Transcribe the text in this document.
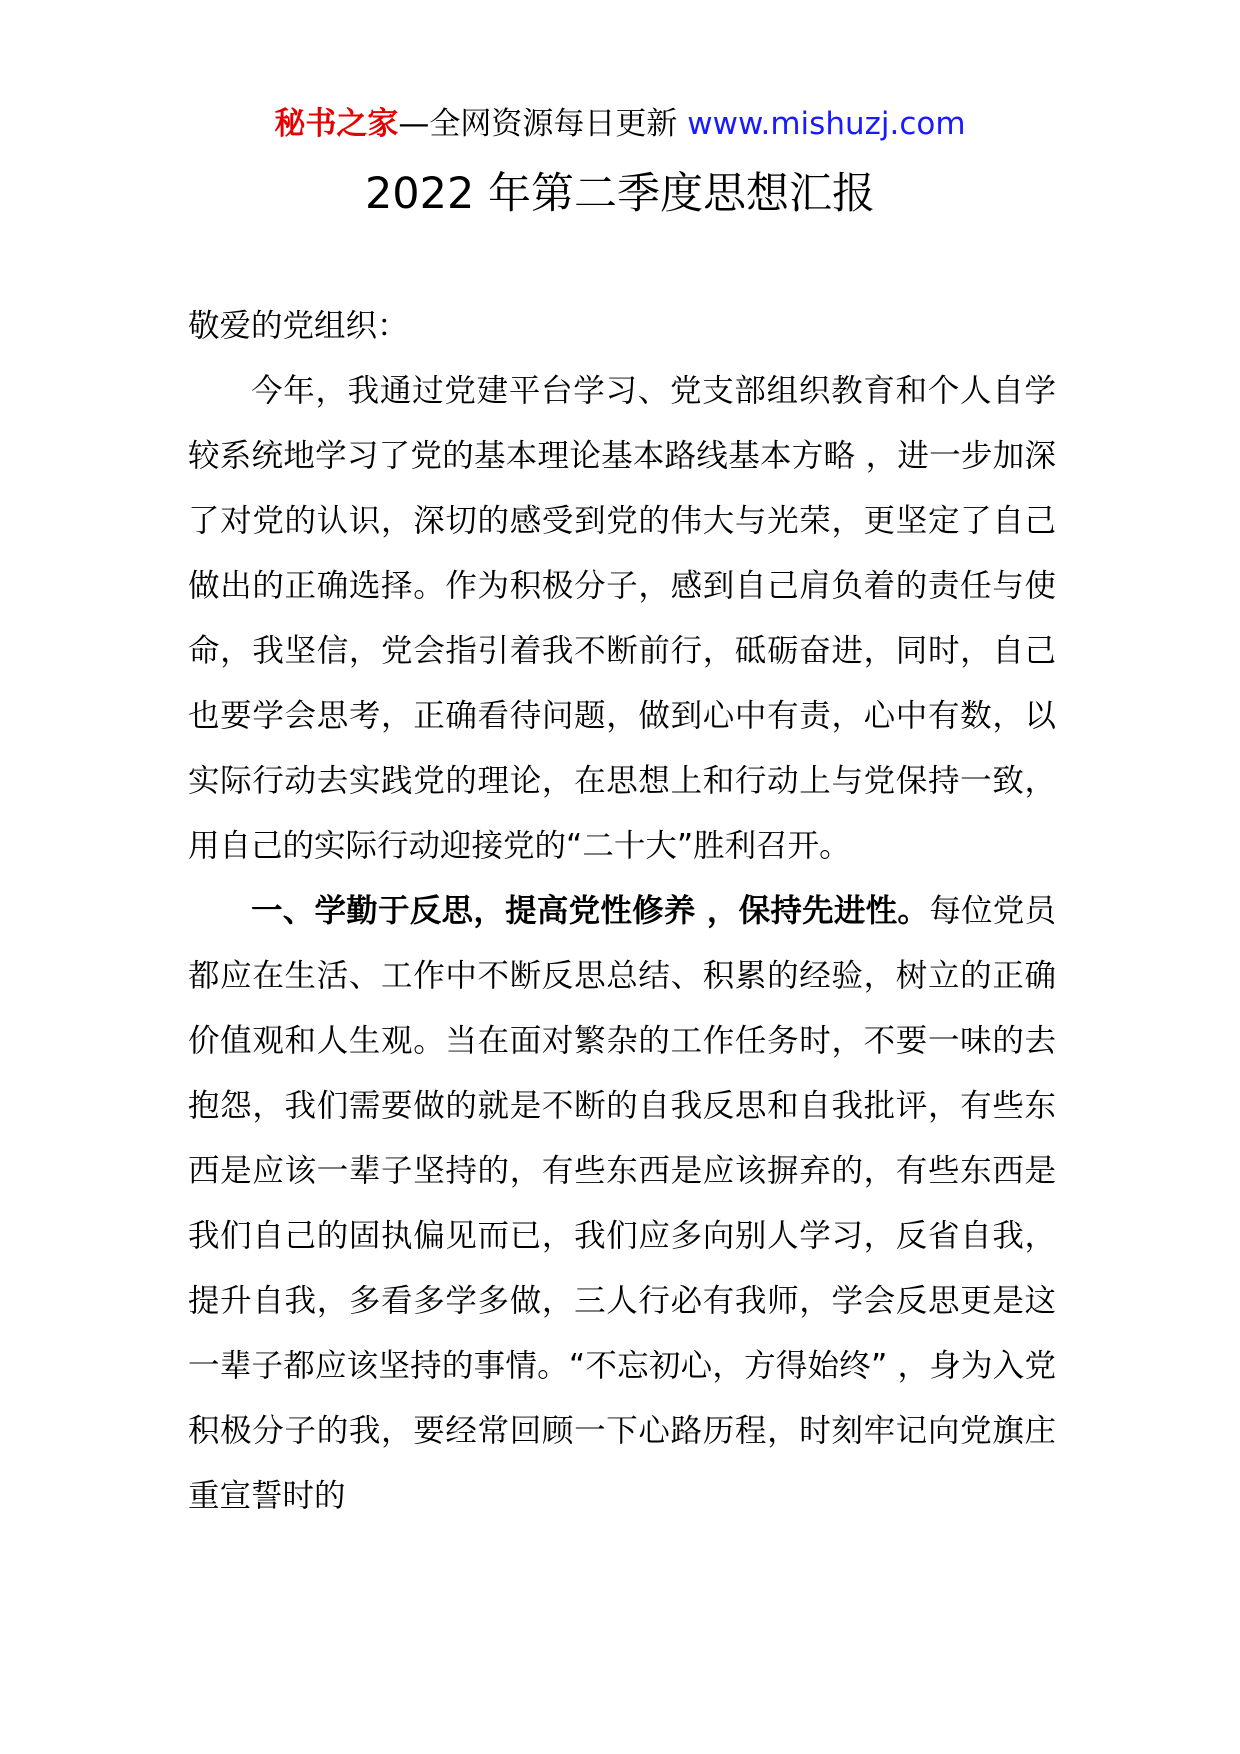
秘书之家—全网资源每日更新 www.mishuzj.com
2022 年第二季度思想汇报

敬爱的党组织：

今年，我通过党建平台学习、党支部组织教育和个人自学较系统地学习了党的基本理论基本路线基本方略 ，进一步加深了对党的认识，深切的感受到党的伟大与光荣，更坚定了自己做出的正确选择。作为积极分子，感到自己肩负着的责任与使命，我坚信，党会指引着我不断前行，砥砺奋进，同时，自己也要学会思考，正确看待问题，做到心中有责，心中有数，以实际行动去实践党的理论，在思想上和行动上与党保持一致，用自己的实际行动迎接党的“二十大”胜利召开。

一、学勤于反思，提高党性修养 ，保持先进性。每位党员都应在生活、工作中不断反思总结、积累的经验，树立的正确价值观和人生观。当在面对繁杂的工作任务时，不要一味的去抱怨，我们需要做的就是不断的自我反思和自我批评，有些东西是应该一辈子坚持的，有些东西是应该摒弃的，有些东西是我们自己的固执偏见而已，我们应多向别人学习，反省自我，提升自我，多看多学多做，三人行必有我师，学会反思更是这一辈子都应该坚持的事情。“不忘初心，方得始终” ，身为入党积极分子的我，要经常回顾一下心路历程，时刻牢记向党旗庄重宣誓时的
